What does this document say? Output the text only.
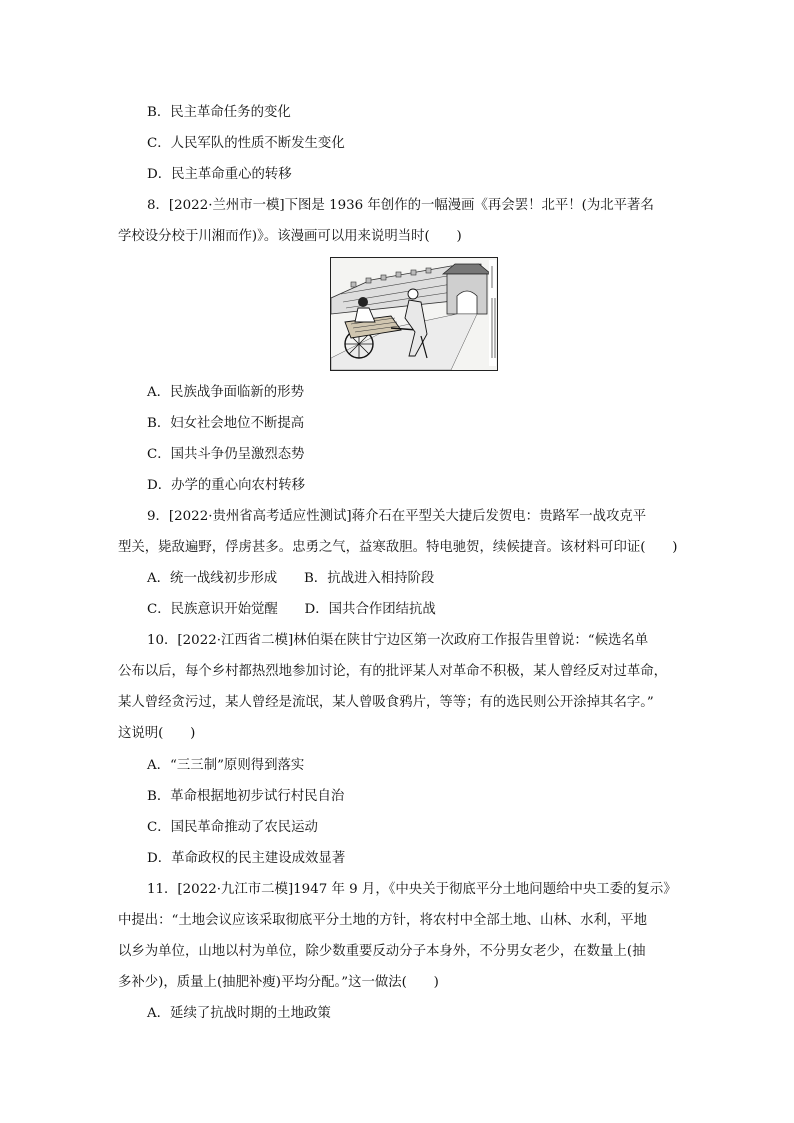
B．民主革命任务的变化
C．人民军队的性质不断发生变化
D．民主革命重心的转移
8．[2022·兰州市一模]下图是 1936 年创作的一幅漫画《再会罢！北平！(为北平著名
学校设分校于川湘而作)》。该漫画可以用来说明当时(　　)
A．民族战争面临新的形势
B．妇女社会地位不断提高
C．国共斗争仍呈激烈态势
D．办学的重心向农村转移
9．[2022·贵州省高考适应性测试]蒋介石在平型关大捷后发贺电：贵路军一战攻克平
型关，毙敌遍野，俘虏甚多。忠勇之气，益寒敌胆。特电驰贺，续候捷音。该材料可印证(　　)
A．统一战线初步形成　　B．抗战进入相持阶段
C．民族意识开始觉醒　　D．国共合作团结抗战
10．[2022·江西省二模]林伯渠在陕甘宁边区第一次政府工作报告里曾说：“候选名单
公布以后，每个乡村都热烈地参加讨论，有的批评某人对革命不积极，某人曾经反对过革命，
某人曾经贪污过，某人曾经是流氓，某人曾吸食鸦片，等等；有的选民则公开涂掉其名字。”
这说明(　　)
A．“三三制”原则得到落实
B．革命根据地初步试行村民自治
C．国民革命推动了农民运动
D．革命政权的民主建设成效显著
11．[2022·九江市二模]1947 年 9 月，《中央关于彻底平分土地问题给中央工委的复示》
中提出：“土地会议应该采取彻底平分土地的方针，将农村中全部土地、山林、水利，平地
以乡为单位，山地以村为单位，除少数重要反动分子本身外，不分男女老少，在数量上(抽
多补少)，质量上(抽肥补瘦)平均分配。”这一做法(　　)
A．延续了抗战时期的土地政策
